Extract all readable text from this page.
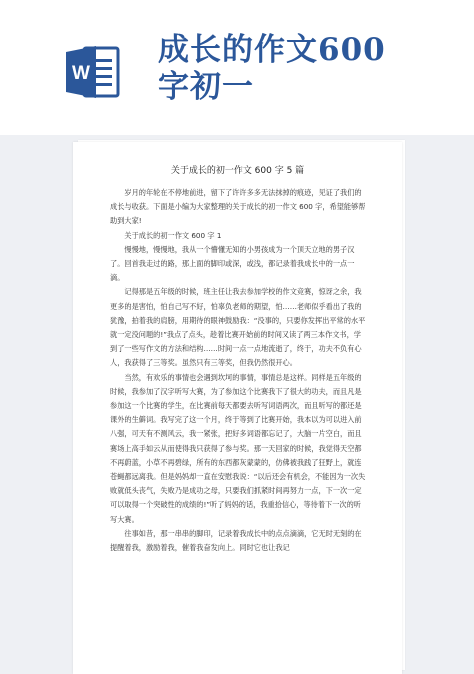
W
成长的作文600
字初一
关于成长的初一作文 600 字 5 篇

岁月的年轮在不停地前进，留下了许许多多无法抹掉的痕迹，见证了我们的成长与收获。下面是小编为大家整理的关于成长的初一作文 600 字，希望能够帮助到大家!

关于成长的初一作文 600 字 1

慢慢地，慢慢地，我从一个懵懂无知的小男孩成为一个顶天立地的男子汉了。回首我走过的路，那上面的脚印或深，或浅，都记录着我成长中的一点一滴。

记得那是五年级的时候，班主任让我去参加学校的作文竞赛，惊讶之余，我更多的是害怕，怕自己写不好，怕辜负老师的期望，怕……老师似乎看出了我的犹豫，拍着我的肩膀，用期待的眼神鼓励我：“没事的，只要你发挥出平常的水平就一定没问题的!”我点了点头，趁着比赛开始前的时间又读了两三本作文书，学到了一些写作文的方法和结构……时间一点一点地流逝了，终于，功夫不负有心人，我获得了三等奖。虽然只有三等奖，但我仍然很开心。

当然，有欢乐的事情也会遇到坎坷的事情，事情总是这样。同样是五年级的时候，我参加了汉字听写大赛，为了参加这个比赛我下了很大的功夫，而且凡是参加这一个比赛的学生，在比赛前每天都要去听写词语两次，而且听写的都还是课外的生僻词。我写完了这一个月，终于等到了比赛开始，我本以为可以进入前八强，可天有不测风云，我一紧张，把好多词语都忘记了，大脑一片空白，而且赛场上高手如云从而使得我只获得了参与奖。那一天回家的时候，我觉得天空都不再蔚蓝，小草不再碧绿，所有的东西都灰蒙蒙的，仿佛被我践了狂野上，就连苍蝇都远离我。但是妈妈却一直在安慰我说：“以后还会有机会，不能因为一次失败就低头丧气，失败乃是成功之母，只要我们抓紧时间再努力一点，下一次一定可以取得一个突破性的成绩的!”听了妈妈的话，我重拾信心，等待着下一次的听写大赛。

往事如昔，那一串串的脚印，记录着我成长中的点点滴滴，它无时无刻的在提醒着我，激励着我，催着我奋发向上。同时它也让我记
